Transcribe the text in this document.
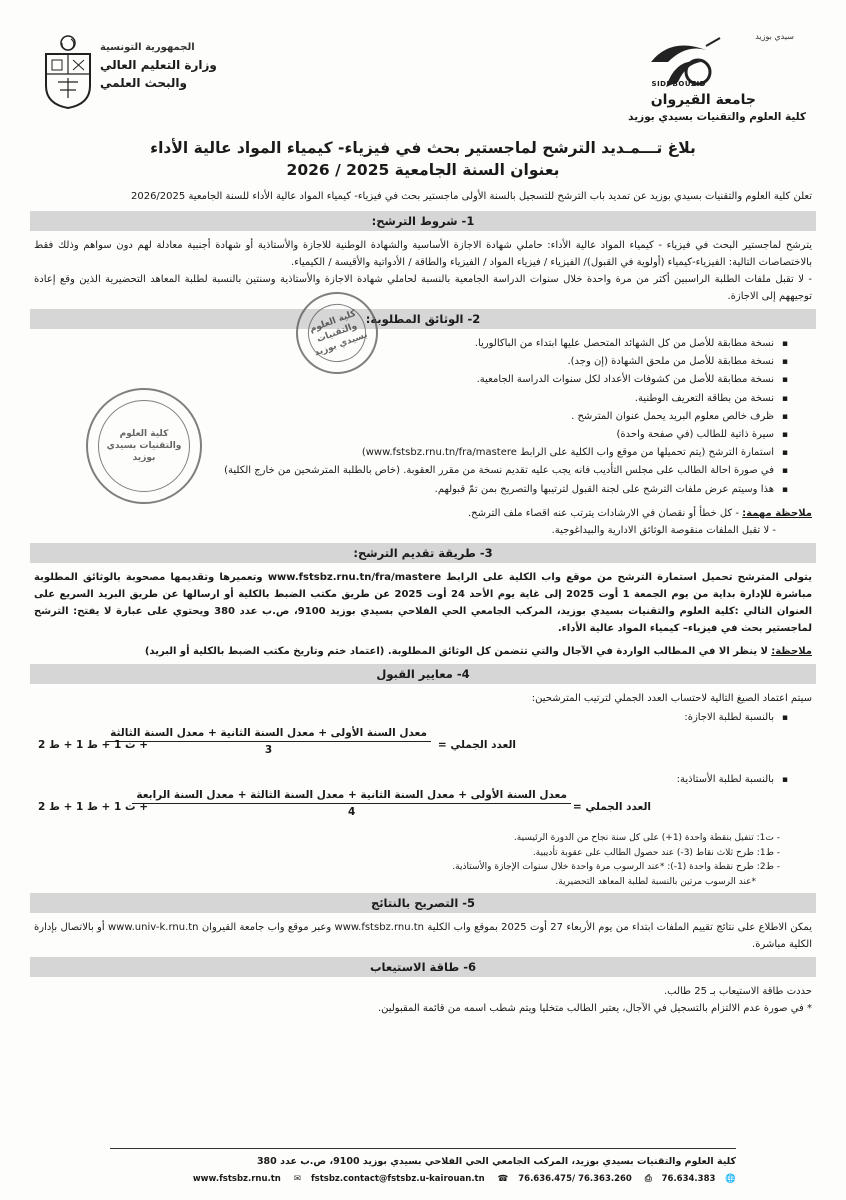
سيدي بوزيد
SIDI BOUZID
جامعة القيروان
كلية العلوم والتقنيات بسيدي بوزيد
الجمهورية التونسية
وزارة التعليم العالي
والبحث العلمي
بلاغ تـــمـديد الترشح لماجستير بحث في فيزياء- كيمياء المواد عالية الأداء
بعنوان السنة الجامعية 2025 / 2026
تعلن كلية العلوم والتقنيات بسيدي بوزيد عن تمديد باب الترشح للتسجيل بالسنة الأولى ماجستير بحث في فيزياء- كيمياء المواد عالية الأداء للسنة الجامعية 2026/2025
1- شروط الترشح:
يترشح لماجستير البحث في فيزياء - كيمياء المواد عالية الأداء: حاملي شهادة الاجازة الأساسية والشهادة الوطنية للاجازة والأستاذية أو شهادة أجنبية معادلة لهم دون سواهم وذلك فقط بالاختصاصات التالية: الفيزياء-كيمياء (أولوية في القبول)/ الفيزياء / فيزياء المواد / الفيزياء والطاقة / الأدواتية والأقيسة / الكيمياء.
- لا تقبل ملفات الطلبة الراسبين أكثر من مرة واحدة خلال سنوات الدراسة الجامعية بالنسبة لحاملي شهادة الاجازة والأستاذية وسنتين بالنسبة لطلبة المعاهد التحضيرية الذين وقع إعادة توجيههم إلى الاجازة.
2- الوثائق المطلوبة:
▪ نسخة مطابقة للأصل من كل الشهائد المتحصل عليها ابتداء من الباكالوريا.
▪ نسخة مطابقة للأصل من ملحق الشهادة (إن وجد).
▪ نسخة مطابقة للأصل من كشوفات الأعداد لكل سنوات الدراسة الجامعية.
▪ نسخة من بطاقة التعريف الوطنية.
▪ ظرف خالص معلوم البريد يحمل عنوان المترشح .
▪ سيرة ذاتية للطالب (في صفحة واحدة)
▪ استمارة الترشح (يتم تحميلها من موقع واب الكلية على الرابط www.fstsbz.rnu.tn/fra/mastere)
▪ في صورة احالة الطالب على مجلس التأديب فانه يجب عليه تقديم نسخة من مقرر العقوبة. (خاص بالطلبة المترشحين من خارج الكلية)
▪ هذا وسيتم عرض ملفات الترشح على لجنة القبول لترتيبها والتصريح بمن تمّ قبولهم.
ملاحظة مهمة: - كل خطأ أو نقصان في الارشادات يترتب عنه اقصاء ملف الترشح.
- لا تقبل الملفات منقوصة الوثائق الادارية والبيداغوجية.
3- طريقة تقديم الترشح:
يتولى المترشح تحميل استمارة الترشح من موقع واب الكلية على الرابط www.fstsbz.rnu.tn/fra/mastere وتعميرها وتقديمها مصحوبة بالوثائق المطلوبة مباشرة للإدارة بداية من يوم الجمعة 1 أوت 2025 إلى غاية يوم الأحد 24 أوت 2025 عن طريق مكتب الضبط بالكلية أو ارسالها عن طريق البريد السريع على العنوان التالي :كلية العلوم والتقنيات بسيدي بوزيد، المركب الجامعي الحي الفلاحي بسيدي بوزيد 9100، ص.ب عدد 380 ويحتوي على عبارة لا يفتح: الترشح لماجستير بحث في فيزياء– كيمياء المواد عالية الأداء.
ملاحظة: لا ينظر الا في المطالب الواردة في الآجال والتي تتضمن كل الوثائق المطلوبة. (اعتماد ختم وتاريخ مكتب الضبط بالكلية أو البريد)
4- معايير القبول
سيتم اعتماد الصيغ التالية لاحتساب العدد الجملي لترتيب المترشحين:
▪ بالنسبة لطلبة الاجازة:
العدد الجملي =
معدل السنة الأولى + معدل السنة الثانية + معدل السنة الثالثة
3
+ ت 1 + ط 1 + ط 2
▪ بالنسبة لطلبة الأستاذية:
العدد الجملي =
معدل السنة الأولى + معدل السنة الثانية + معدل السنة الثالثة + معدل السنة الرابعة
4
+ ت 1 + ط 1 + ط 2
- ت1: تنفيل بنقطة واحدة (1+) على كل سنة نجاح من الدورة الرئيسية.
- ط1: طرح ثلاث نقاط (3-) عند حصول الطالب على عقوبة تأديبية.
- ط2: طرح نقطة واحدة (1-): *عند الرسوب مرة واحدة خلال سنوات الإجازة والأستاذية.
*عند الرسوب مرتين بالنسبة لطلبة المعاهد التحضيرية.
5- التصريح بالنتائج
يمكن الاطلاع على نتائج تقييم الملفات ابتداء من يوم الأربعاء 27 أوت 2025 بموقع واب الكلية www.fstsbz.rnu.tn وعبر موقع واب جامعة القيروان www.univ-k.rnu.tn أو بالاتصال بإدارة الكلية مباشرة.
6- طاقة الاستيعاب
حددت طاقة الاستيعاب بـ 25 طالب.
* في صورة عدم الالتزام بالتسجيل في الآجال، يعتبر الطالب متخليا ويتم شطب اسمه من قائمة المقبولين.
كلية العلوم والتقنيات بسيدي بوزيد
كلية العلوم والتقنيات بسيدي بوزيد
كلية العلوم والتقنيات بسيدي بوزيد، المركب الجامعي الحي الفلاحي بسيدي بوزيد 9100، ص.ب عدد 380
🌐www.fstsbz.rnu.tn ✉ fstsbz.contact@fstsbz.u-kairouan.tn ☎ 76.636.475/ 76.363.260 ⎙ 76.634.383
